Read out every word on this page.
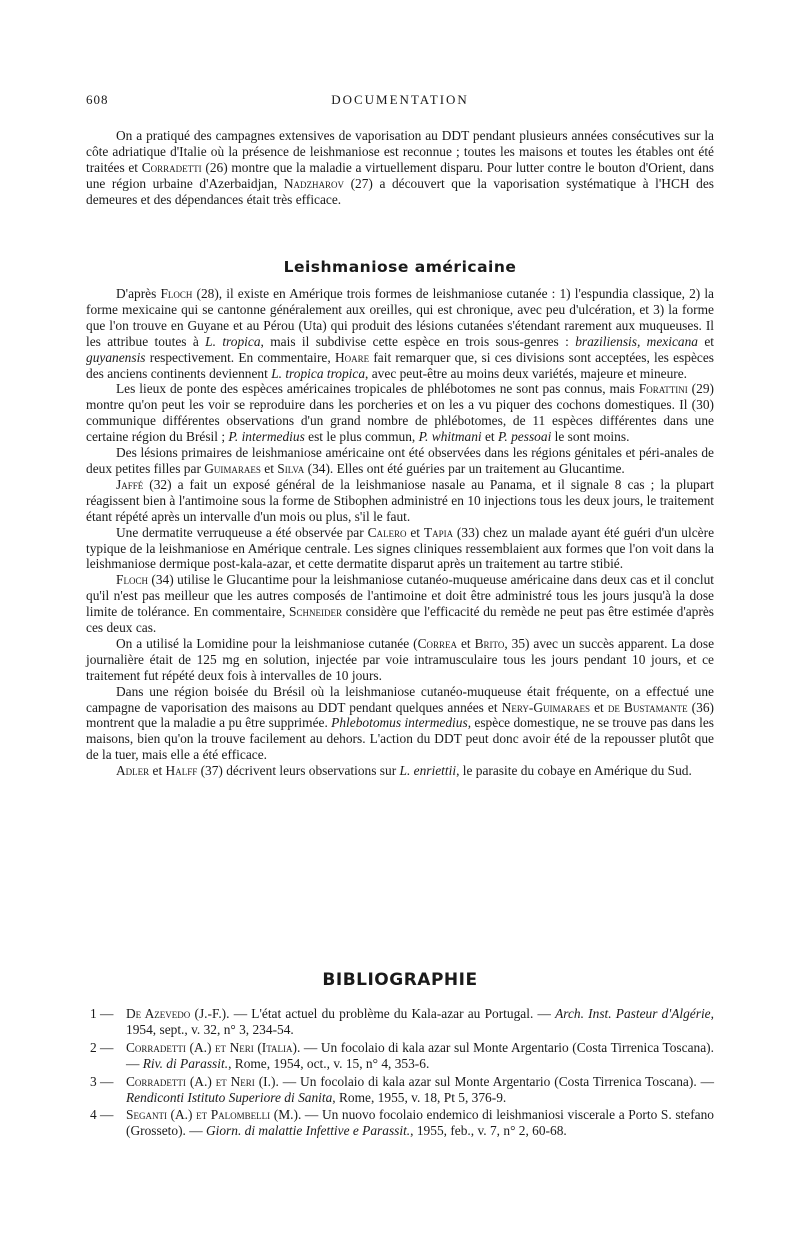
608	DOCUMENTATION

On a pratiqué des campagnes extensives de vaporisation au DDT pendant plusieurs années consécutives sur la côte adriatique d'Italie où la présence de leishmaniose est reconnue ; toutes les maisons et toutes les étables ont été traitées et Corradetti (26) montre que la maladie a virtuellement disparu. Pour lutter contre le bouton d'Orient, dans une région urbaine d'Azerbaidjan, Nadzharov (27) a découvert que la vaporisation systématique à l'HCH des demeures et des dépendances était très efficace.

Leishmaniose américaine

D'après Floch (28), il existe en Amérique trois formes de leishmaniose cutanée : 1) l'espundia classique, 2) la forme mexicaine qui se cantonne généralement aux oreilles, qui est chronique, avec peu d'ulcération, et 3) la forme que l'on trouve en Guyane et au Pérou (Uta) qui produit des lésions cutanées s'étendant rarement aux muqueuses. Il les attribue toutes à L. tropica, mais il subdivise cette espèce en trois sous-genres : braziliensis, mexicana et guyanensis respectivement. En commentaire, Hoare fait remarquer que, si ces divisions sont acceptées, les espèces des anciens continents deviennent L. tropica tropica, avec peut-être au moins deux variétés, majeure et mineure.

Les lieux de ponte des espèces américaines tropicales de phlébotomes ne sont pas connus, mais Forattini (29) montre qu'on peut les voir se reproduire dans les porcheries et on les a vu piquer des cochons domestiques. Il (30) communique différentes observations d'un grand nombre de phlébotomes, de 11 espèces différentes dans une certaine région du Brésil ; P. intermedius est le plus commun, P. whitmani et P. pessoai le sont moins.

Des lésions primaires de leishmaniose américaine ont été observées dans les régions génitales et péri-anales de deux petites filles par Guimaraes et Silva (34). Elles ont été guéries par un traitement au Glucantime.

Jaffé (32) a fait un exposé général de la leishmaniose nasale au Panama, et il signale 8 cas ; la plupart réagissent bien à l'antimoine sous la forme de Stibophen administré en 10 injections tous les deux jours, le traitement étant répété après un intervalle d'un mois ou plus, s'il le faut.

Une dermatite verruqueuse a été observée par Calero et Tapia (33) chez un malade ayant été guéri d'un ulcère typique de la leishmaniose en Amérique centrale. Les signes cliniques ressemblaient aux formes que l'on voit dans la leishmaniose dermique post-kala-azar, et cette dermatite disparut après un traitement au tartre stibié.

Floch (34) utilise le Glucantime pour la leishmaniose cutanéo-muqueuse américaine dans deux cas et il conclut qu'il n'est pas meilleur que les autres composés de l'antimoine et doit être administré tous les jours jusqu'à la dose limite de tolérance. En commentaire, Schneider considère que l'efficacité du remède ne peut pas être estimée d'après ces deux cas.

On a utilisé la Lomidine pour la leishmaniose cutanée (Correa et Brito, 35) avec un succès apparent. La dose journalière était de 125 mg en solution, injectée par voie intramusculaire tous les jours pendant 10 jours, et ce traitement fut répété deux fois à intervalles de 10 jours.

Dans une région boisée du Brésil où la leishmaniose cutanéo-muqueuse était fréquente, on a effectué une campagne de vaporisation des maisons au DDT pendant quelques années et Nery-Guimaraes et de Bustamante (36) montrent que la maladie a pu être supprimée. Phlebotomus intermedius, espèce domestique, ne se trouve pas dans les maisons, bien qu'on la trouve facilement au dehors. L'action du DDT peut donc avoir été de la repousser plutôt que de la tuer, mais elle a été efficace.

Adler et Halff (37) décrivent leurs observations sur L. enriettii, le parasite du cobaye en Amérique du Sud.

BIBLIOGRAPHIE
1 — De Azevedo (J.-F.). — L'état actuel du problème du Kala-azar au Portugal. — Arch. Inst. Pasteur d'Algérie, 1954, sept., v. 32, n° 3, 234-54.
2 — Corradetti (A.) et Neri (Italia). — Un focolaio di kala azar sul Monte Argentario (Costa Tirrenica Toscana). — Riv. di Parassit., Rome, 1954, oct., v. 15, n° 4, 353-6.
3 — Corradetti (A.) et Neri (I.). — Un focolaio di kala azar sul Monte Argentario (Costa Tirrenica Toscana). — Rendiconti Istituto Superiore di Sanita, Rome, 1955, v. 18, Pt 5, 376-9.
4 — Seganti (A.) et Palombelli (M.). — Un nuovo focolaio endemico di leishmaniosi viscerale a Porto S. stefano (Grosseto). — Giorn. di malattie Infettive e Parassit., 1955, feb., v. 7, n° 2, 60-68.
